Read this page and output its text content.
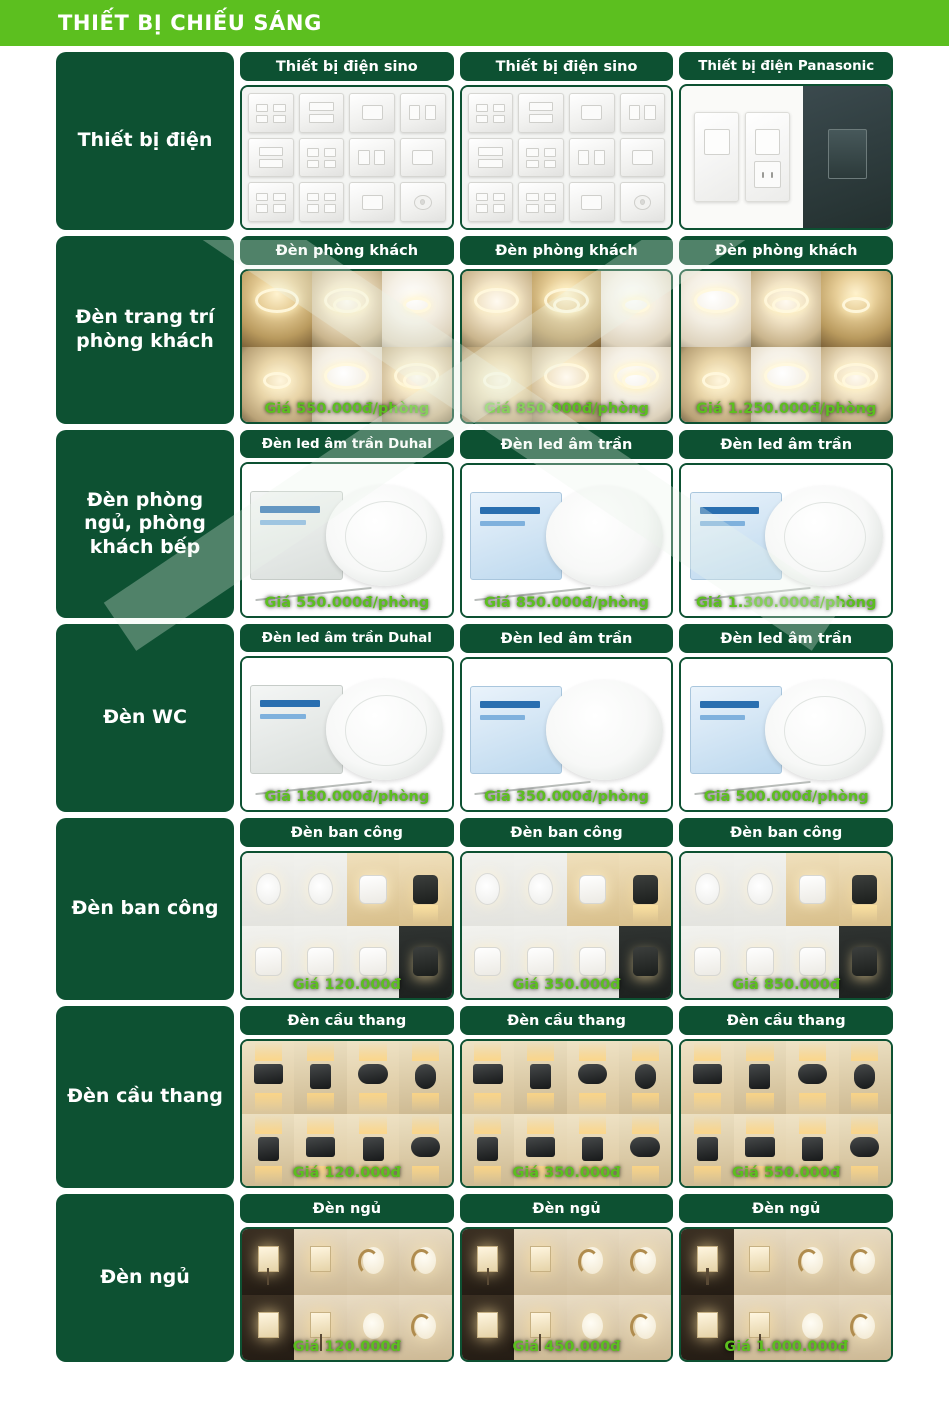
THIẾT BỊ CHIẾU SÁNG
Thiết bị điện
Thiết bị điện sino	Thiết bị điện sino	Thiết bị điện Panasonic
Đèn trang trí phòng khách
Đèn phòng khách
Giá 550.000đ/phòng
Đèn phòng khách
Giá 850.000đ/phòng
Đèn phòng khách
Giá 1.250.000đ/phòng
Đèn phòng ngủ, phòng khách bếp
Đèn led âm trần Duhal
Giá 550.000đ/phòng
Đèn led âm trần
Giá 850.000đ/phòng
Đèn led âm trần
Giá 1.300.000đ/phòng
Đèn WC
Đèn led âm trần Duhal
Giá 180.000đ/phòng
Đèn led âm trần
Giá 350.000đ/phòng
Đèn led âm trần
Giá 500.000đ/phòng
Đèn ban công
Đèn ban công
Giá 120.000đ
Đèn ban công
Giá 350.000đ
Đèn ban công
Giá 850.000đ
Đèn cầu thang
Đèn cầu thang
Giá 120.000đ
Đèn cầu thang
Giá 350.000đ
Đèn cầu thang
Giá 550.000đ
Đèn ngủ
Đèn ngủ
Giá 120.000đ
Đèn ngủ
Giá 450.000đ
Đèn ngủ
Giá 1.000.000đ
